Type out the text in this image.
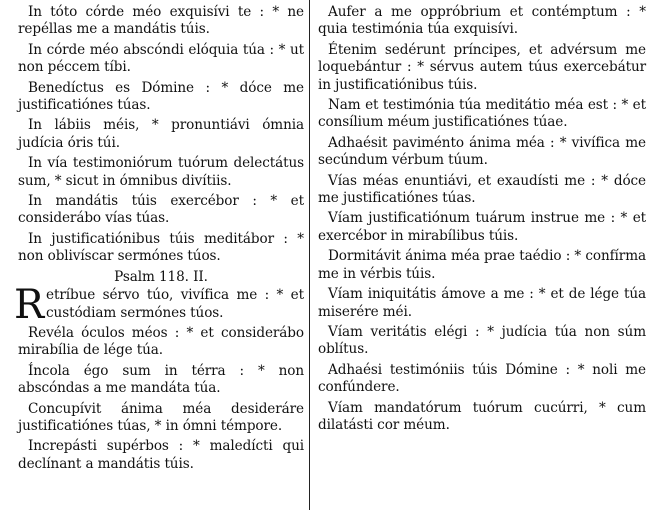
In tóto córde méo exquisívi te : * ne repéllas me a mandátis túis.

In córde méo abscóndi elóquia túa : * ut non péccem tíbi.

Benedíctus es Dómine : * dóce me justificatiónes túas.

In lábiis méis, * pronuntiávi ómnia judícia óris túi.

In vía testimoniórum tuórum delectátus sum, * sicut in ómnibus divítiis.

In mandátis túis exercébor : * et considerábo vías túas.

In justificatiónibus túis meditábor : * non oblivíscar sermónes túos.

Psalm 118. II.

Retríbue sérvo túo, vivífica me : * et custódiam sermónes túos.

Revéla óculos méos : * et considerábo mirabília de lége túa.

Íncola égo sum in térra : * non abscóndas a me mandáta túa.

Concupívit ánima méa desideráre justificatiónes túas, * in ómni témpore.

Increpásti supérbos : * maledícti qui declínant a mandátis túis.

Aufer a me oppróbrium et contémptum : * quia testimónia túa exquisívi.

Étenim sedérunt príncipes, et advérsum me loquebántur : * sérvus autem túus exercebátur in justificatiónibus túis.

Nam et testimónia túa meditátio méa est : * et consílium méum justificatiónes túae.

Adhaésit paviménto ánima méa : * vivífica me secúndum vérbum túum.

Vías méas enuntiávi, et exaudísti me : * dóce me justificatiónes túas.

Víam justificatiónum tuárum instrue me : * et exercébor in mirabílibus túis.

Dormitávit ánima méa prae taédio : * confírma me in vérbis túis.

Víam iniquitátis ámove a me : * et de lége túa miserére méi.

Víam veritátis elégi : * judícia túa non súm oblítus.

Adhaési testimóniis túis Dómine : * noli me confúndere.

Víam mandatórum tuórum cucúrri, * cum dilatásti cor méum.
